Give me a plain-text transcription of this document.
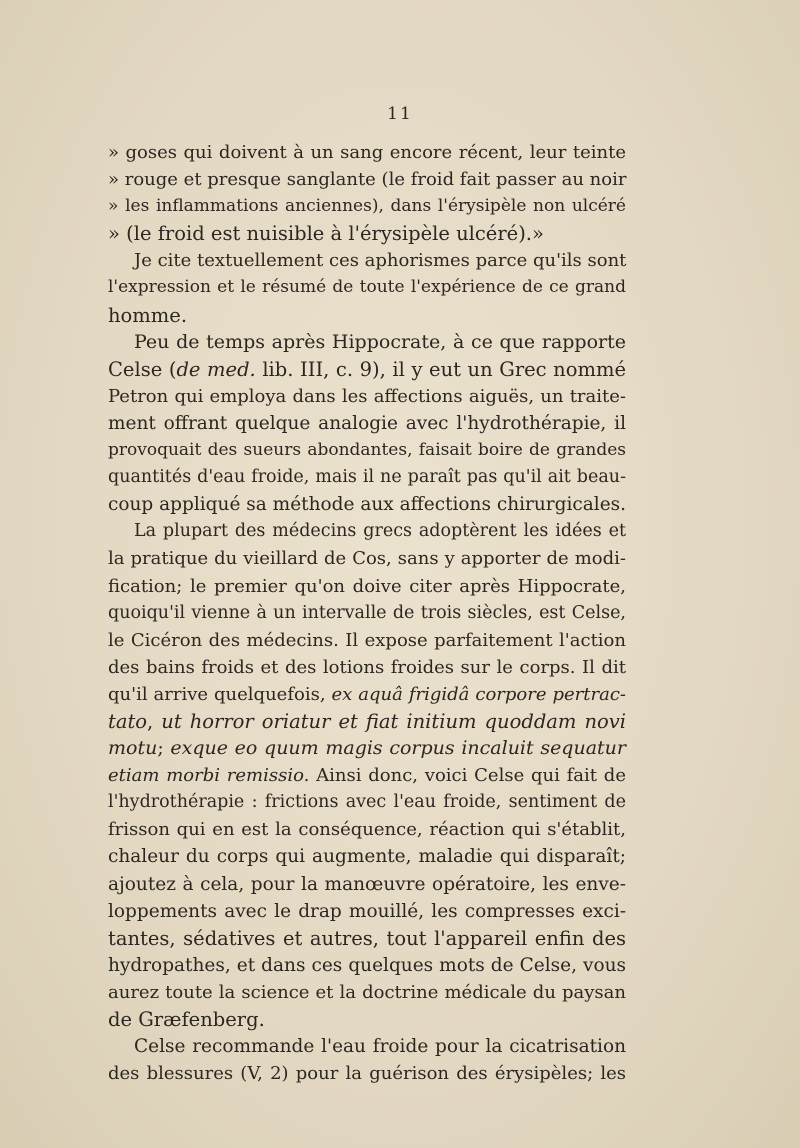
11
» goses qui doivent à un sang encore récent, leur teinte
» rouge et presque sanglante (le froid fait passer au noir
» les inflammations anciennes), dans l'érysipèle non ulcéré
» (le froid est nuisible à l'érysipèle ulcéré).»
Je cite textuellement ces aphorismes parce qu'ils sont
l'expression et le résumé de toute l'expérience de ce grand
homme.
Peu de temps après Hippocrate, à ce que rapporte
Celse (de med. lib. III, c. 9), il y eut un Grec nommé
Petron qui employa dans les affections aiguës, un traite-
ment offrant quelque analogie avec l'hydrothérapie, il
provoquait des sueurs abondantes, faisait boire de grandes
quantités d'eau froide, mais il ne paraît pas qu'il ait beau-
coup appliqué sa méthode aux affections chirurgicales.
La plupart des médecins grecs adoptèrent les idées et
la pratique du vieillard de Cos, sans y apporter de modi-
fication; le premier qu'on doive citer après Hippocrate,
quoiqu'il vienne à un intervalle de trois siècles, est Celse,
le Cicéron des médecins. Il expose parfaitement l'action
des bains froids et des lotions froides sur le corps. Il dit
qu'il arrive quelquefois, ex aquâ frigidâ corpore pertrac-
tato, ut horror oriatur et fiat initium quoddam novi
motu; exque eo quum magis corpus incaluit sequatur
etiam morbi remissio. Ainsi donc, voici Celse qui fait de
l'hydrothérapie : frictions avec l'eau froide, sentiment de
frisson qui en est la conséquence, réaction qui s'établit,
chaleur du corps qui augmente, maladie qui disparaît;
ajoutez à cela, pour la manœuvre opératoire, les enve-
loppements avec le drap mouillé, les compresses exci-
tantes, sédatives et autres, tout l'appareil enfin des
hydropathes, et dans ces quelques mots de Celse, vous
aurez toute la science et la doctrine médicale du paysan
de Græfenberg.
Celse recommande l'eau froide pour la cicatrisation
des blessures (V, 2) pour la guérison des érysipèles; les
